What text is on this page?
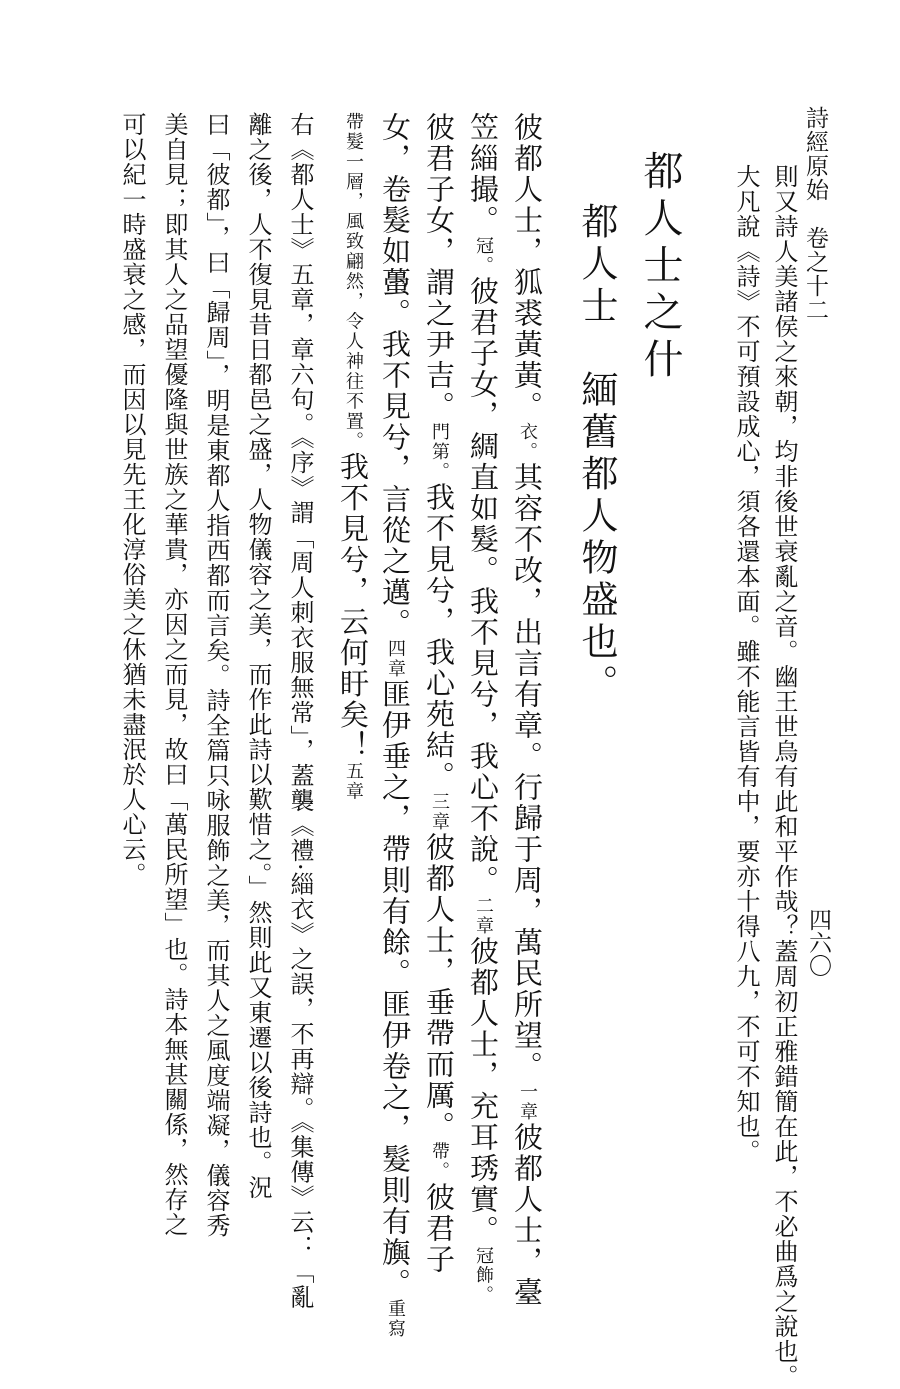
詩經原始　卷之十二
四六〇
則又詩人美諸侯之來朝，均非後世衰亂之音。幽王世烏有此和平作哉？蓋周初正雅錯簡在此，不必曲爲之說也。
大凡說《詩》不可預設成心，須各還本面。雖不能言皆有中，要亦十得八九，不可不知也。
都人士之什
都人士　緬舊都人物盛也。
彼都人士，狐裘黃黃。衣。其容不改，出言有章。行歸于周，萬民所望。一章彼都人士，臺
笠緇撮。冠。彼君子女，綢直如髮。我不見兮，我心不說。二章彼都人士，充耳琇實。冠飾。
彼君子女，謂之尹吉。門第。我不見兮，我心苑結。三章彼都人士，垂帶而厲。帶。彼君子
女，卷髮如蠆。我不見兮，言從之邁。四章匪伊垂之，帶則有餘。匪伊卷之，髮則有旟。重寫
帶髮一層，風致翩然，令人神往不置。我不見兮，云何盱矣！五章
右《都人士》五章，章六句。《序》謂「周人刺衣服無常」，蓋襲《禮·緇衣》之誤，不再辯。《集傳》云：「亂
離之後，人不復見昔日都邑之盛，人物儀容之美，而作此詩以歎惜之。」然則此又東遷以後詩也。況
曰「彼都」，曰「歸周」，明是東都人指西都而言矣。詩全篇只咏服飾之美，而其人之風度端凝，儀容秀
美自見；即其人之品望優隆與世族之華貴，亦因之而見，故曰「萬民所望」也。詩本無甚關係，然存之
可以紀一時盛衰之感，而因以見先王化淳俗美之休猶未盡泯於人心云。
